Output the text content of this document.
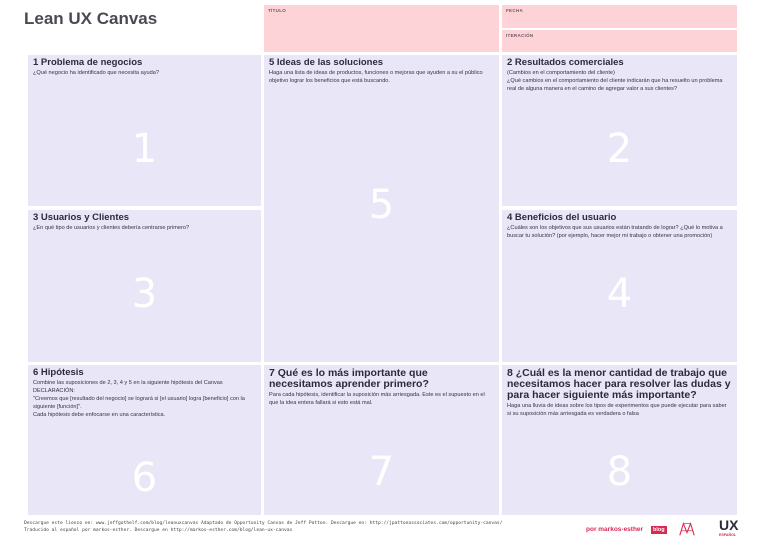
Lean UX Canvas	TÍTULO	FECHA
ITERACIÓN
1 Problema de negocios
¿Qué negocio ha identificado que necesita ayuda?
1
5 Ideas de las soluciones
Haga una lista de ideas de productos, funciones o mejoras que ayuden a su el público objetivo lograr los beneficios que está buscando.
5
2 Resultados comerciales
(Cambios en el comportamiento del cliente)
¿Qué cambios en el comportamiento del cliente indicarán que ha resuelto un problema real de alguna manera en el camino de agregar valor a sus clientes?
2
3 Usuarios y Clientes
¿En qué tipo de usuarios y clientes debería centrarse primero?
3
4 Beneficios del usuario
¿Cuáles son los objetivos que sus usuarios están tratando de lograr? ¿Qué lo motiva a buscar tu solución? (por ejemplo, hacer mejor mi trabajo o obtener una promoción)
4
6 Hipótesis
Combine las suposiciones de 2, 3, 4 y 5 en la siguiente hipótesis del Canvas
DECLARACIÓN:
"Creemos que [resultado del negocio] se logrará si [el usuario] logra [beneficio] con la siguiente [función]".
Cada hipótesis debe enfocarse en una característica.
6
7 Qué es lo más importante que necesitamos aprender primero?
Para cada hipótesis, identificar la suposición más arriesgada. Este es el supuesto en el que la idea entera fallará si esto está mal.
7
8 ¿Cuál es la menor cantidad de trabajo que necesitamos hacer para resolver las dudas y para hacer siguiente más importante?
Haga una lluvia de ideas sobre los tipos de experimentos que puede ejecutar para saber si su suposición más arriesgada es verdadera o falsa
8
Descargue este lienzo en: www.jeffgothelf.com/blog/leanuxcanvas Adaptado de Opportunity Canvas de Jeff Patton. Descargue en: http://jpattonassociates.com/opportunity-canvas/
Traducido al español por markos-esther. Descargue en http://markos-esther.com/blog/lean-ux-canvas	por markos-esther	blog	UX
ESPAÑOL
